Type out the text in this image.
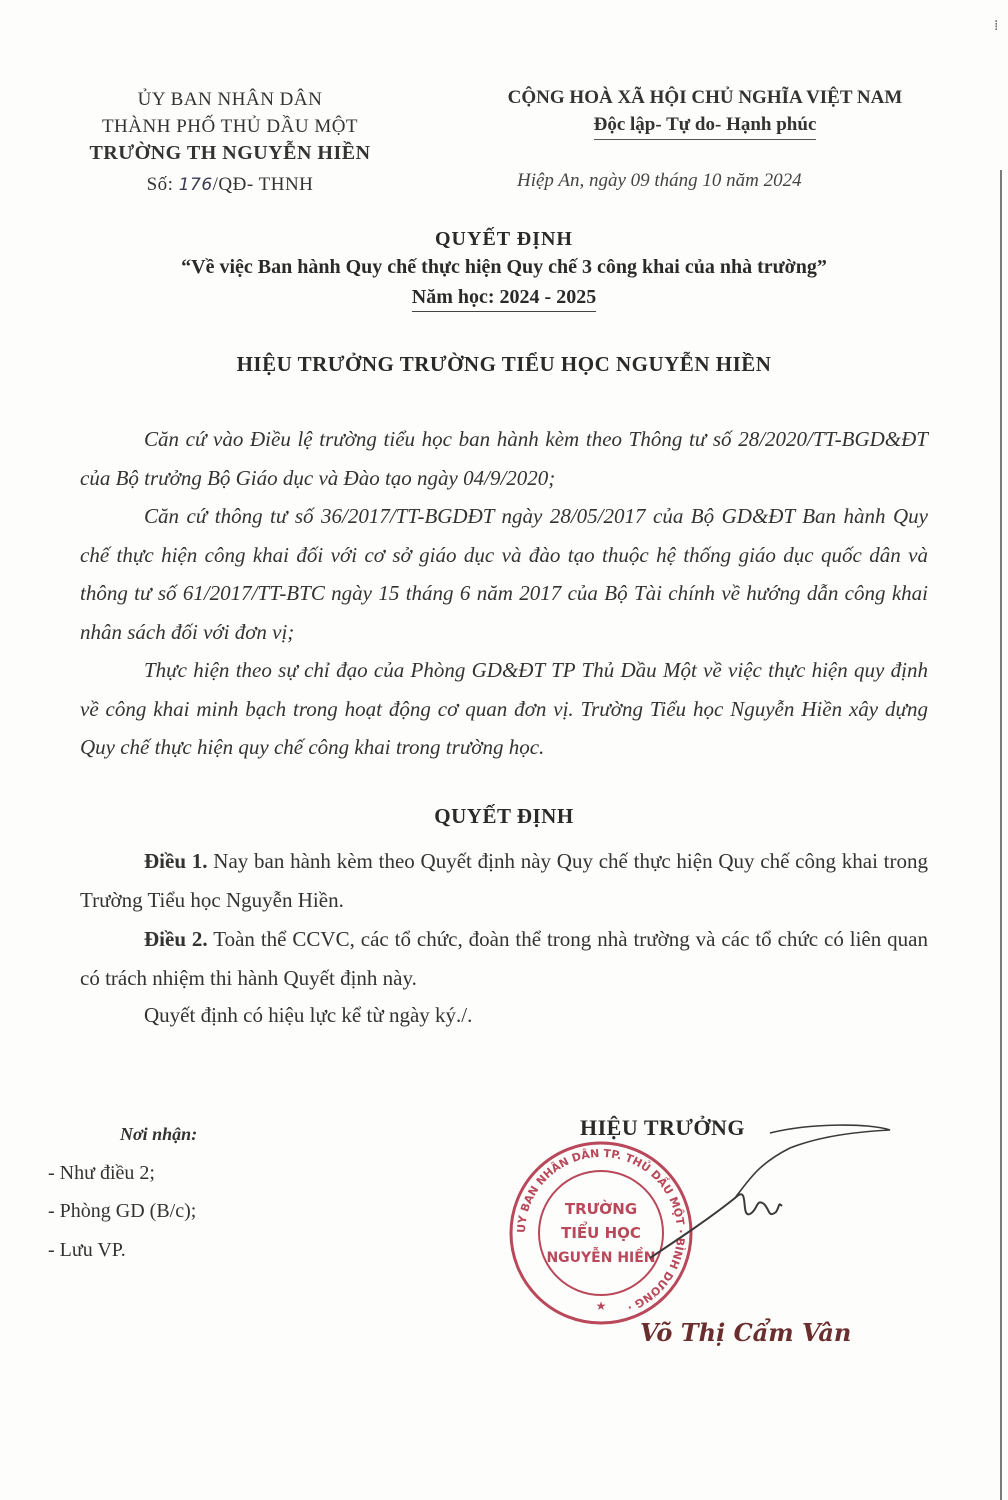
⁞
ỦY BAN NHÂN DÂN
THÀNH PHỐ THỦ DẦU MỘT
TRƯỜNG TH NGUYỄN HIỀN
Số: 176/QĐ- THNH
CỘNG HOÀ XÃ HỘI CHỦ NGHĨA VIỆT NAM
Độc lập- Tự do- Hạnh phúc
Hiệp An, ngày 09 tháng 10 năm 2024
QUYẾT ĐỊNH
“Về việc Ban hành Quy chế thực hiện Quy chế 3 công khai của nhà trường”
Năm học: 2024 - 2025
HIỆU TRƯỞNG TRƯỜNG TIỂU HỌC NGUYỄN HIỀN
Căn cứ vào Điều lệ trường tiểu học ban hành kèm theo Thông tư số 28/2020/TT-BGD&ĐT của Bộ trưởng Bộ Giáo dục và Đào tạo ngày 04/9/2020;
Căn cứ thông tư số 36/2017/TT-BGDĐT ngày 28/05/2017 của Bộ GD&ĐT Ban hành Quy chế thực hiện công khai đối với cơ sở giáo dục và đào tạo thuộc hệ thống giáo dục quốc dân và thông tư số 61/2017/TT-BTC ngày 15 tháng 6 năm 2017 của Bộ Tài chính về hướng dẫn công khai nhân sách đối với đơn vị;
Thực hiện theo sự chỉ đạo của Phòng GD&ĐT TP Thủ Dầu Một về việc thực hiện quy định về công khai minh bạch trong hoạt động cơ quan đơn vị. Trường Tiểu học Nguyễn Hiền xây dựng Quy chế thực hiện quy chế công khai trong trường học.
QUYẾT ĐỊNH
Điều 1. Nay ban hành kèm theo Quyết định này Quy chế thực hiện Quy chế công khai trong Trường Tiểu học Nguyễn Hiền.
Điều 2. Toàn thể CCVC, các tổ chức, đoàn thể trong nhà trường và các tổ chức có liên quan có trách nhiệm thi hành Quyết định này.
Quyết định có hiệu lực kể từ ngày ký./.
Nơi nhận:
- Như điều 2;
- Phòng GD (B/c);
- Lưu VP.
HIỆU TRƯỞNG
UY BAN NHÂN DÂN TP. THỦ DẦU MỘT · BÌNH DƯƠNG ·
TRƯỜNG
TIỂU HỌC
NGUYỄN HIỀN
★
Võ Thị Cẩm Vân
